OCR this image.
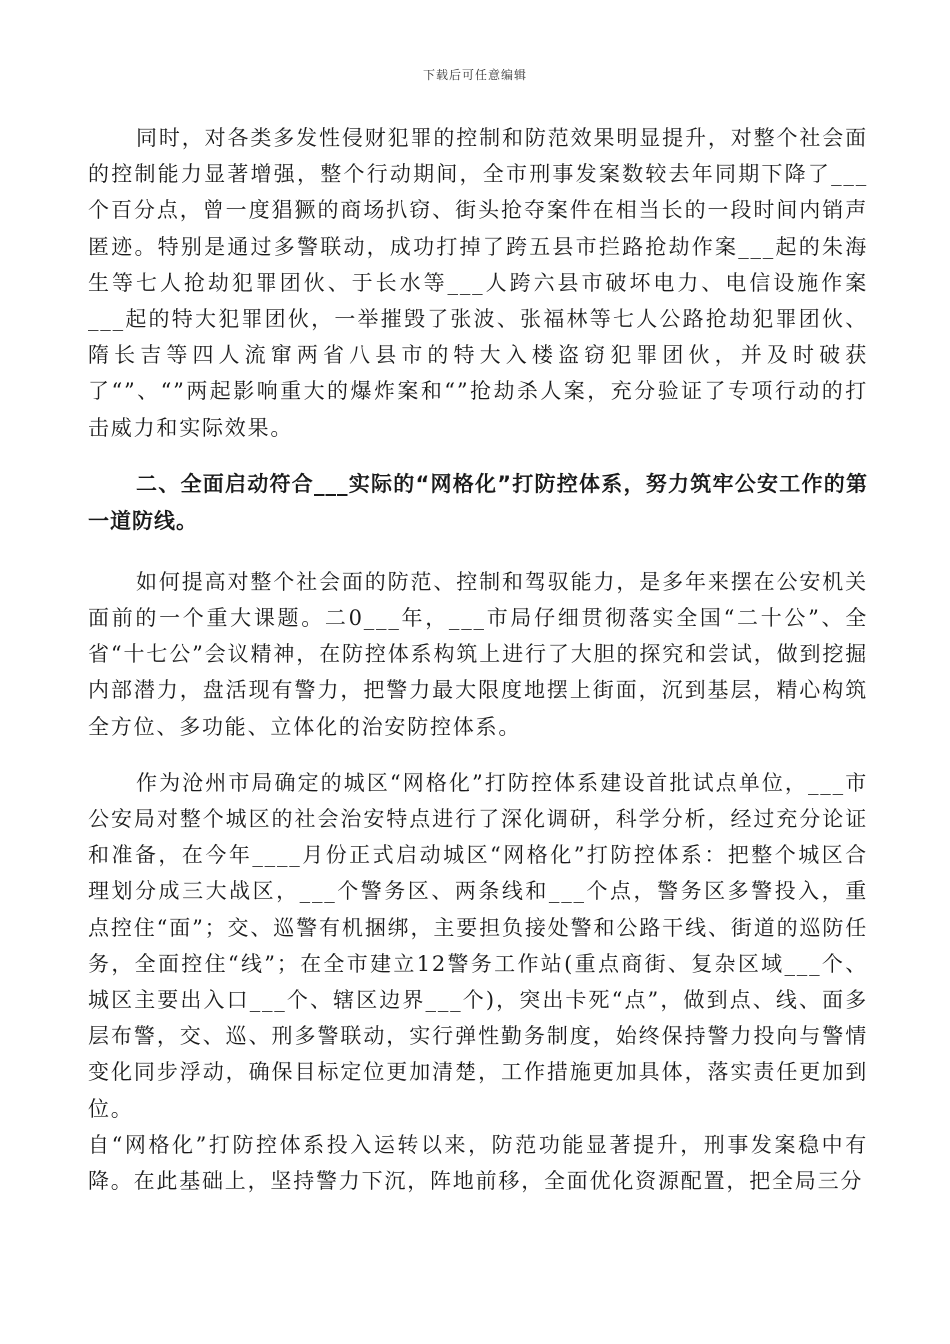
下载后可任意编辑

同时，对各类多发性侵财犯罪的控制和防范效果明显提升，对整个社会面的控制能力显著增强，整个行动期间，全市刑事发案数较去年同期下降了___个百分点，曾一度猖獗的商场扒窃、街头抢夺案件在相当长的一段时间内销声匿迹。特别是通过多警联动，成功打掉了跨五县市拦路抢劫作案___起的朱海生等七人抢劫犯罪团伙、于长水等___人跨六县市破坏电力、电信设施作案___起的特大犯罪团伙，一举摧毁了张波、张福林等七人公路抢劫犯罪团伙、隋长吉等四人流窜两省八县市的特大入楼盗窃犯罪团伙，并及时破获了“”、“”两起影响重大的爆炸案和“”抢劫杀人案，充分验证了专项行动的打击威力和实际效果。

二、全面启动符合___实际的“网格化”打防控体系，努力筑牢公安工作的第一道防线。

如何提高对整个社会面的防范、控制和驾驭能力，是多年来摆在公安机关面前的一个重大课题。二0___年，___市局仔细贯彻落实全国“二十公”、全省“十七公”会议精神，在防控体系构筑上进行了大胆的探究和尝试，做到挖掘内部潜力，盘活现有警力，把警力最大限度地摆上街面，沉到基层，精心构筑全方位、多功能、立体化的治安防控体系。

作为沧州市局确定的城区“网格化”打防控体系建设首批试点单位，___市公安局对整个城区的社会治安特点进行了深化调研，科学分析，经过充分论证和准备，在今年____月份正式启动城区“网格化”打防控体系：把整个城区合理划分成三大战区，___个警务区、两条线和___个点，警务区多警投入，重点控住“面”；交、巡警有机捆绑，主要担负接处警和公路干线、街道的巡防任务，全面控住“线”；在全市建立12警务工作站(重点商街、复杂区域___个、城区主要出入口___个、辖区边界___个)，突出卡死“点”，做到点、线、面多层布警，交、巡、刑多警联动，实行弹性勤务制度，始终保持警力投向与警情变化同步浮动，确保目标定位更加清楚，工作措施更加具体，落实责任更加到位。

自“网格化”打防控体系投入运转以来，防范功能显著提升，刑事发案稳中有降。在此基础上，坚持警力下沉，阵地前移，全面优化资源配置，把全局三分
